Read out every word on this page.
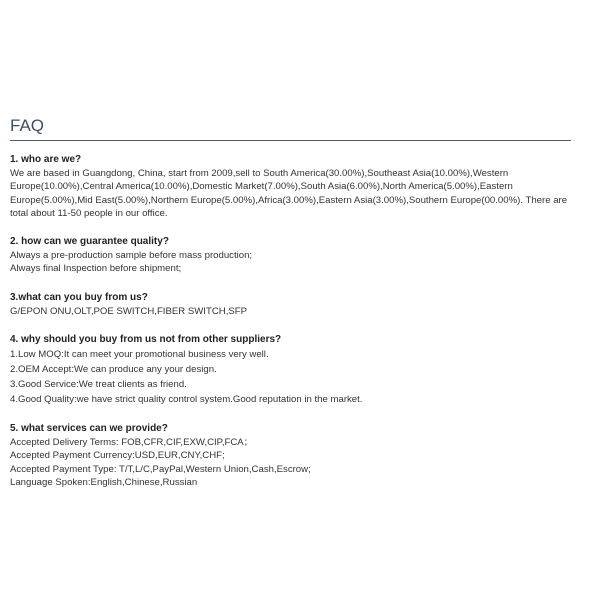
FAQ

1. who are we?

We are based in Guangdong, China, start from 2009,sell to South America(30.00%),Southeast Asia(10.00%),Western Europe(10.00%),Central America(10.00%),Domestic Market(7.00%),South Asia(6.00%),North America(5.00%),Eastern Europe(5.00%),Mid East(5.00%),Northern Europe(5.00%),Africa(3.00%),Eastern Asia(3.00%),Southern Europe(00.00%). There are total about 11-50 people in our office.

2. how can we guarantee quality?

Always a pre-production sample before mass production;
Always final Inspection before shipment;

3.what can you buy from us?

G/EPON ONU,OLT,POE SWITCH,FIBER SWITCH,SFP

4. why should you buy from us not from other suppliers?

1.Low MOQ:It can meet your promotional business very well.
2.OEM Accept:We can produce any your design.
3.Good Service:We treat clients as friend.
4.Good Quality:we have strict quality control system.Good reputation in the market.

5. what services can we provide?

Accepted Delivery Terms: FOB,CFR,CIF,EXW,CIP,FCA；
Accepted Payment Currency:USD,EUR,CNY,CHF;
Accepted Payment Type: T/T,L/C,PayPal,Western Union,Cash,Escrow;
Language Spoken:English,Chinese,Russian
